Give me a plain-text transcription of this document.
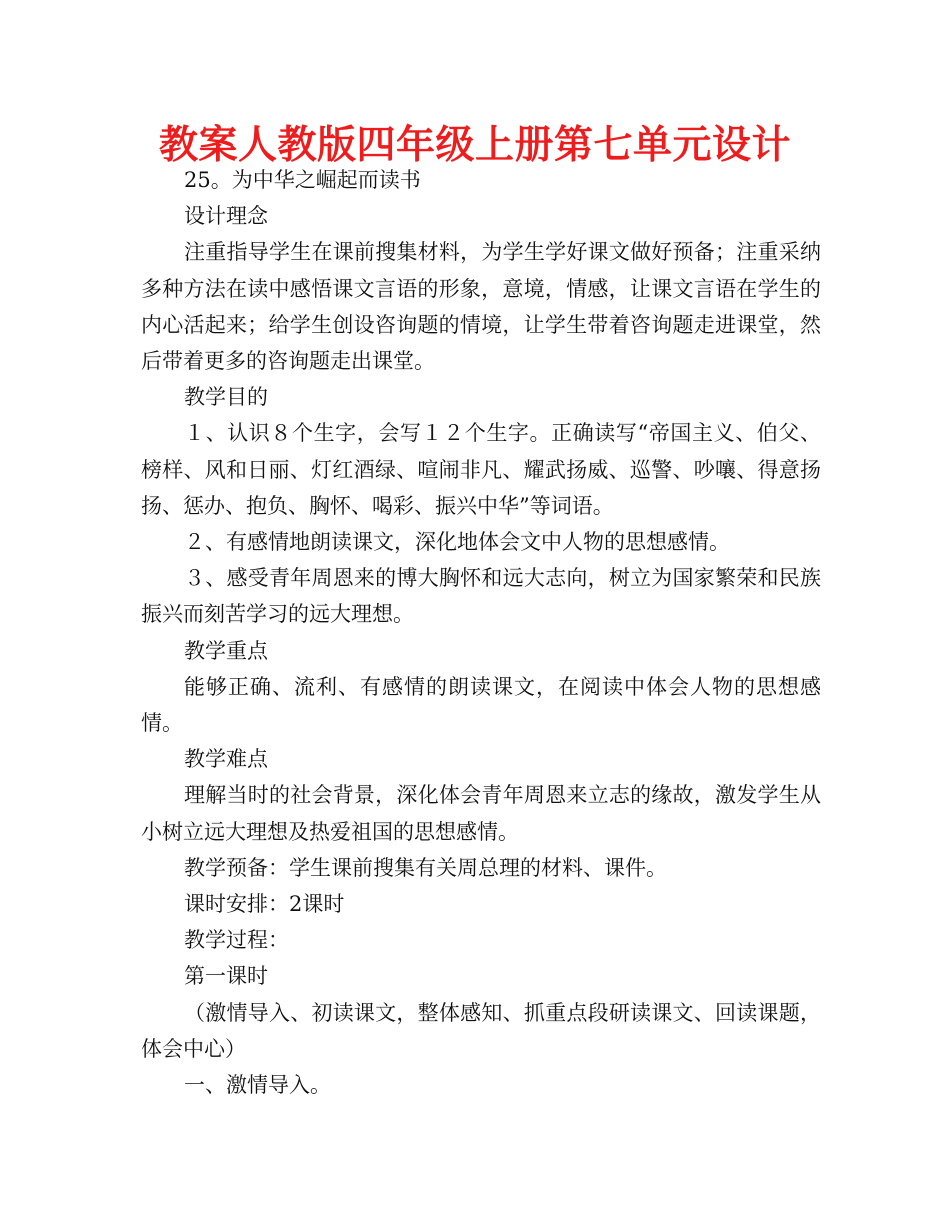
教案人教版四年级上册第七单元设计

25。为中华之崛起而读书

设计理念

注重指导学生在课前搜集材料，为学生学好课文做好预备；注重采纳多种方法在读中感悟课文言语的形象，意境，情感，让课文言语在学生的内心活起来；给学生创设咨询题的情境，让学生带着咨询题走进课堂，然后带着更多的咨询题走出课堂。

教学目的

１、认识８个生字，会写１２个生字。正确读写“帝国主义、伯父、榜样、风和日丽、灯红酒绿、喧闹非凡、耀武扬威、巡警、吵嚷、得意扬扬、惩办、抱负、胸怀、喝彩、振兴中华”等词语。

２、有感情地朗读课文，深化地体会文中人物的思想感情。

３、感受青年周恩来的博大胸怀和远大志向，树立为国家繁荣和民族振兴而刻苦学习的远大理想。

教学重点

能够正确、流利、有感情的朗读课文，在阅读中体会人物的思想感情。

教学难点

理解当时的社会背景，深化体会青年周恩来立志的缘故，激发学生从小树立远大理想及热爱祖国的思想感情。

教学预备：学生课前搜集有关周总理的材料、课件。

课时安排：2课时

教学过程：

第一课时

（激情导入、初读课文，整体感知、抓重点段研读课文、回读课题，体会中心）

一、激情导入。
